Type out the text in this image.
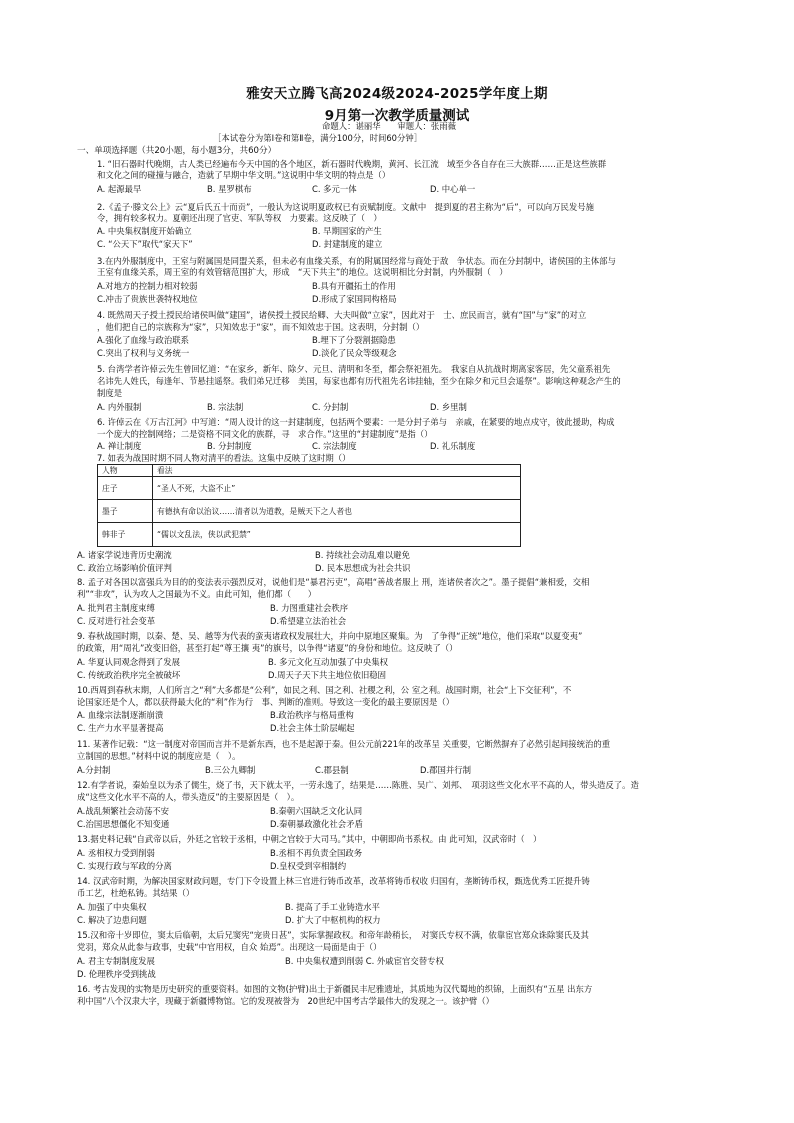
雅安天立腾飞高2024级2024-2025学年度上期
9月第一次教学质量测试
命题人：谌丽华　　审题人：张雨薇
［本试卷分为第Ⅰ卷和第Ⅱ卷，满分100分，时间60分钟］
一、单项选择题（共20小题，每小题3分，共60分）
1. “旧石器时代晚期，古人类已经遍布今天中国的各个地区，新石器时代晚期，黄河、长江流　域至少各自存在三大族群……正是这些族群
和文化之间的碰撞与融合，造就了早期中华文明。”这说明中华文明的特点是（）
A. 起源最早	B. 星罗棋布	C. 多元一体	D. 中心单一
2.《孟子·滕文公上》云“夏后氏五十而贡”，一般认为这说明夏政权已有贡赋制度。文献中　提到夏的君主称为“后”，可以向万民发号施
令，拥有较多权力。夏朝还出现了官吏、军队等权　力要素。这反映了（　）
A. 中央集权制度开始确立	B. 早期国家的产生
C. “公天下”取代“家天下”	D. 封建制度的建立
3.在内外服制度中，王室与附属国是同盟关系，但未必有血缘关系，有的附属国经常与商处于敌　争状态。而在分封制中，诸侯国的主体部与
王室有血缘关系，周王室的有效管辖范围扩大，形成　“天下共主”的地位。这说明相比分封制，内外服制（　）
A.对地方的控制力相对较弱	B.具有开疆拓土的作用
C.冲击了贵族世袭特权地位	D.形成了家国同构格局
4. 既然周天子授土授民给诸侯叫做“建国”，诸侯授土授民给卿、大夫叫做“立家”，因此对于　士、庶民而言，就有“国”与“家”的对立
，他们把自己的宗族称为“家”，只知效忠于“家”，而不知效忠于国。这表明，分封制（）
A.强化了血缘与政治联系	B.埋下了分裂割据隐患
C.突出了权利与义务统一	D.淡化了民众等级观念
5. 台湾学者许倬云先生曾回忆道：“在家乡，新年、除夕、元旦、清明和冬至，都会祭祀祖先。　我家自从抗战时期离家客居，先父童系祖先
名讳先人姓氏，每逢年、节悬挂遥祭。我们弟兄迁移　美国，每家也都有历代祖先名讳挂轴，至少在除夕和元旦会遥祭”。影响这种观念产生的
制度是
A. 内外服制	B. 宗法制	C. 分封制	D. 乡里制
6. 许倬云在《万古江河》中写道：“周人设计的这一封建制度，包括两个要素：一是分封子弟与　亲戚，在紧要的地点戍守，彼此援助，构成
一个庞大的控制网络；二是资格不同文化的族群，寻　求合作。”这里的“封建制度”是指（）
A. 禅让制度	B. 分封制度	C. 宗法制度	D. 礼乐制度
7. 如表为战国时期不同人物对清平的看法。这集中反映了这时期（）
人物	看法
庄子	“圣人不死，大盗不止”
墨子	有德执有命以治议……清者以为道教，是贼天下之人者也
韩非子	“儒以文乱法，侠以武犯禁”
A. 诸家学说违背历史潮流	B. 持续社会动乱难以避免
C. 政治立场影响价值评判	D. 民本思想成为社会共识
8. 孟子对各国以富强兵为目的的变法表示强烈反对，说他们是“暴君污吏”，高唱“善战者服上 刑，连诸侯者次之”。墨子提倡“兼相爱，交相
利”“非攻”，认为攻人之国最为不义。由此可知，他们都（　　）
A. 批判君主制度束缚	B. 力图重建社会秩序
C. 反对进行社会变革	D.希望建立法治社会
9. 春秋战国时期，以秦、楚、吴、越等为代表的蛮夷诸政权发展壮大，并向中原地区聚集。为　了争得“正统”地位，他们采取“以夏变夷”
的政策，用“周礼”改变旧俗，甚至打起“尊王攘 夷”的旗号，以争得“诸夏”的身份和地位。这反映了（）
A. 华夏认同观念得到了发展	B. 多元文化互动加强了中央集权
C. 传统政治秩序完全被破坏	D.周天子天下共主地位依旧稳固
10.西周到春秋末期，人们所言之“利”大多都是“公利”，如民之利、国之利、社稷之利，公 室之利。战国时期，社会“上下交征利”，不
论国家还是个人，都以获得最大化的“利”作为行　事、判断的准则。导致这一变化的最主要原因是（）
A. 血缘宗法制逐渐崩溃	B.政治秩序与格局重构
C. 生产力水平显著提高	D.社会主体士阶层崛起
11. 某著作记载：“这一制度对帝国而言并不是新东西，也不是起源于秦。但公元前221年的改革呈 关重要，它断然摒弃了必然引起间接统治的重
立制国的思想。”材料中说的制度应是（　）。
A.分封制	B.三公九卿制	C.郡县制	D.郡国并行制
12.有学者说，秦始皇以为杀了儒生，烧了书，天下就太平，一劳永逸了，结果是……陈胜、吴广、刘邦、　项羽这些文化水平不高的人，带头造反了。造
成“这些文化水平不高的人，带头造反”的主要原因是（　）。
A.战乱频繁社会动荡不安	B.秦朝六国缺乏文化认同
C.治国思想僵化不知变通	D.秦朝暴政激化社会矛盾
13.据史料记载“自武帝以后，外廷之官较于丞相，中朝之官较于大司马。”其中，中朝即尚书系权。由 此可知，汉武帝时（　）
A. 丞相权力受到削弱	B.丞相不再负责全国政务
C. 实现行政与军政的分离	D.皇权受到宰相制约
14. 汉武帝时期，为解决国家财政问题，专门下令设置上林三官进行铸币改革，改革将铸币权收 归国有，垄断铸币权，甄选优秀工匠提升铸
币工艺，杜绝私铸。其结果（）
A. 加强了中央集权	B. 提高了手工业铸造水平
C. 解决了边患问题	D. 扩大了中枢机构的权力
15.汉和帝十岁即位，窦太后临朝，太后兄窦宪“宠贵日甚”，实际掌握政权。和帝年龄稍长，　对窦氏专权不满，依靠宦官郑众诛除窦氏及其
党羽，郑众从此参与政事，史载“中官用权，自众 始焉”。出现这一局面是由于（）
A. 君主专制制度发展	B. 中央集权遭到削弱 C. 外戚宦官交替专权
D. 伦理秩序受到挑战
16. 考古发现的实物是历史研究的重要资料。如图的文物(护臂)出土于新疆民丰尼雅遗址，其质地为汉代蜀地的织锦，上面织有“五星 出东方
利中国”八个汉隶大字，现藏于新疆博物馆。它的发现被誉为　20世纪中国考古学最伟大的发现之一。该护臂（）
